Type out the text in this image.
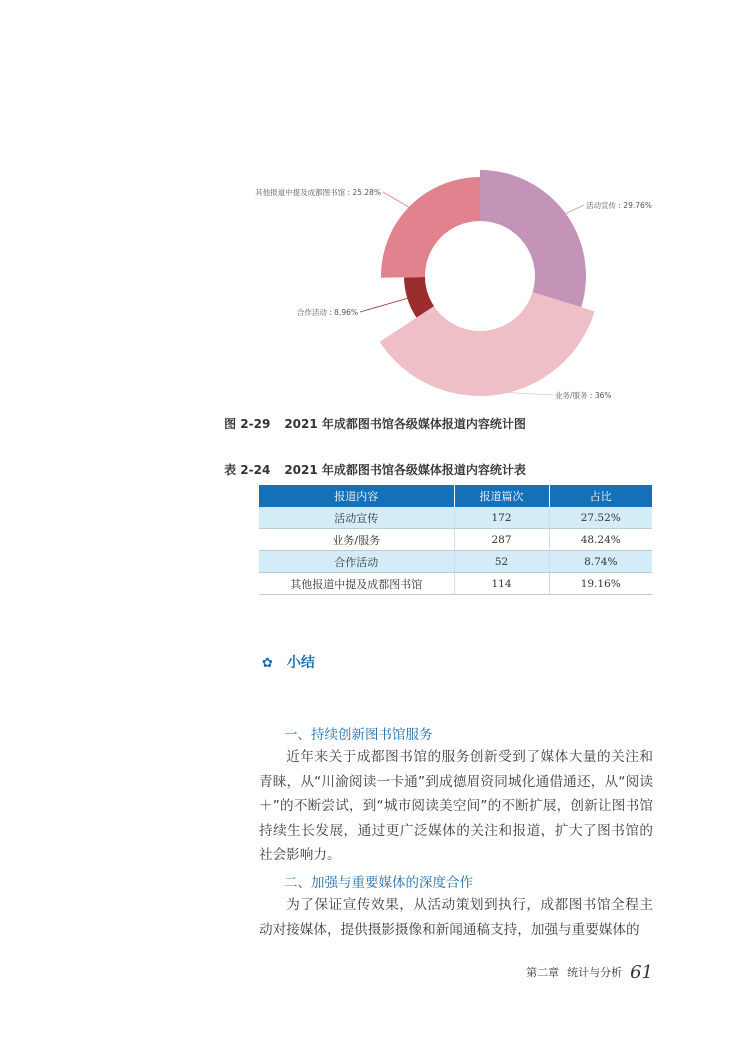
活动宣传 : 29.76%
业务/服务 : 36%
合作活动 : 8.96%
其他报道中提及成都图书馆 : 25.28%
图 2-29 2021 年成都图书馆各级媒体报道内容统计图
表 2-24 2021 年成都图书馆各级媒体报道内容统计表
报道内容	报道篇次	占比
活动宣传	172	27.52%
业务/服务	287	48.24%
合作活动	52	8.74%
其他报道中提及成都图书馆	114	19.16%
✿ 小结
一、持续创新图书馆服务

近年来关于成都图书馆的服务创新受到了媒体大量的关注和青睐，从“川渝阅读一卡通”到成德眉资同城化通借通还，从“阅读＋”的不断尝试，到“城市阅读美空间”的不断扩展，创新让图书馆持续生长发展，通过更广泛媒体的关注和报道，扩大了图书馆的社会影响力。

二、加强与重要媒体的深度合作

为了保证宣传效果，从活动策划到执行，成都图书馆全程主动对接媒体，提供摄影摄像和新闻通稿支持，加强与重要媒体的

第二章 统计与分析 61
